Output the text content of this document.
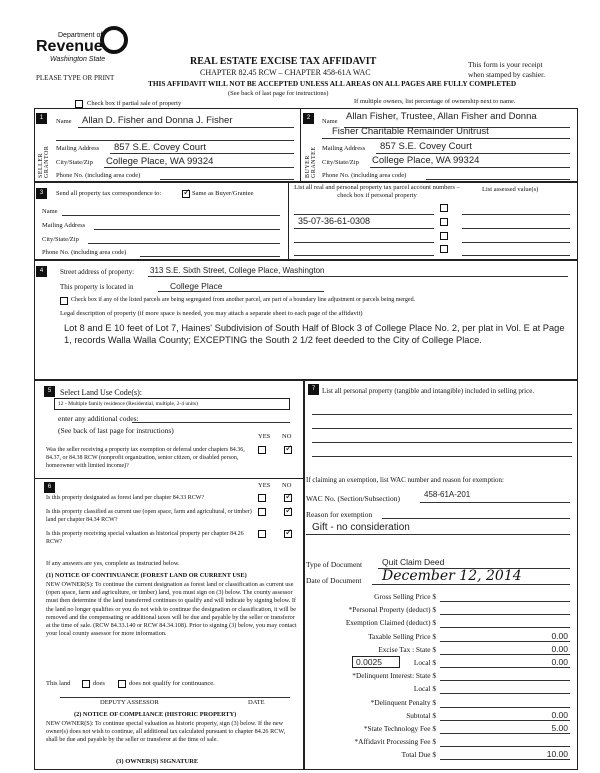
Department of
Revenue
Washington State	REAL ESTATE EXCISE TAX AFFIDAVIT
CHAPTER 82.45 RCW – CHAPTER 458-61A WAC
THIS AFFIDAVIT WILL NOT BE ACCEPTED UNLESS ALL AREAS ON ALL PAGES ARE FULLY COMPLETED
(See back of last page for instructions)
PLEASE TYPE OR PRINT
This form is your receipt
when stamped by cashier.
Check box if partial sale of property	If multiple owners, list percentage of ownership next to name.
1
SELLER GRANTOR
Name Allan D. Fisher and Donna J. Fisher
Mailing Address 857 S.E. Covey Court
City/State/Zip College Place, WA 99324
Phone No. (including area code)
2
BUYER GRANTEE
Name Allan Fisher, Trustee, Allan Fisher and Donna
Fisher Charitable Remainder Unitrust
Mailing Address 857 S.E. Covey Court
City/State/Zip College Place, WA 99324
Phone No. (including area code)
3	Send all property tax correspondence to:
✓	Same as Buyer/Grantee
Name
Mailing Address
City/State/Zip
Phone No. (including area code)
List all real and personal property tax parcel account numbers – check box if personal property
List assessed value(s)
35-07-36-61-0308
4	Street address of property: 313 S.E. Sixth Street, College Place, Washington
This property is located in	College Place
Check box if any of the listed parcels are being segregated from another parcel, are part of a boundary line adjustment or parcels being merged.
Legal description of property (if more space is needed, you may attach a separate sheet to each page of the affidavit)
Lot 8 and E 10 feet of Lot 7, Haines' Subdivision of South Half of Block 3 of College Place No. 2, per plat in Vol. E at Page 1, records Walla Walla County; EXCEPTING the South 2 1/2 feet deeded to the City of College Place.
5	Select Land Use Code(s):
12 - Multiple family residence (Residential, multiple, 2-4 units)
enter any additional codes:
(See back of last page for instructions)
YES NO
Was the seller receiving a property tax exemption or deferral under chapters 84.36, 84.37, or 84.38 RCW (nonprofit organization, senior citizen, or disabled person, homeowner with limited income)?
✓
6	YES NO
Is this property designated as forest land per chapter 84.33 RCW?
✓
Is this property classified as current use (open space, farm and agricultural, or timber) land per chapter 84.34 RCW?
✓
Is this property receiving special valuation as historical property per chapter 84.26 RCW?
✓
If any answers are yes, complete as instructed below.
(1) NOTICE OF CONTINUANCE (FOREST LAND OR CURRENT USE)
NEW OWNER(S): To continue the current designation as forest land or classification as current use (open space, farm and agriculture, or timber) land, you must sign on (3) below. The county assessor must then determine if the land transferred continues to qualify and will indicate by signing below. If the land no longer qualifies or you do not wish to continue the designation or classification, it will be removed and the compensating or additional taxes will be due and payable by the seller or transferor at the time of sale. (RCW 84.33.140 or RCW 84.34.108). Prior to signing (3) below, you may contact your local county assessor for more information.
This land	does	does not qualify for continuance.
DEPUTY ASSESSOR	DATE
(2) NOTICE OF COMPLIANCE (HISTORIC PROPERTY)
NEW OWNER(S): To continue special valuation as historic property, sign (3) below. If the new owner(s) does not wish to continue, all additional tax calculated pursuant to chapter 84.26 RCW, shall be due and payable by the seller or transferor at the time of sale.
(3) OWNER(S) SIGNATURE
7 List all personal property (tangible and intangible) included in selling price.
If claiming an exemption, list WAC number and reason for exemption:
WAC No. (Section/Subsection)	458-61A-201
Reason for exemption
Gift - no consideration
Type of Document Quit Claim Deed
Date of Document December 12, 2014
Gross Selling Price $
*Personal Property (deduct) $
Exemption Claimed (deduct) $
Taxable Selling Price $	0.00
Excise Tax : State $	0.00
Local $	0.00
*Delinquent Interest: State $
Local $
*Delinquent Penalty $
Subtotal $	0.00
*State Technology Fee $	5.00
*Affidavit Processing Fee $
Total Due $	10.00
0.0025
